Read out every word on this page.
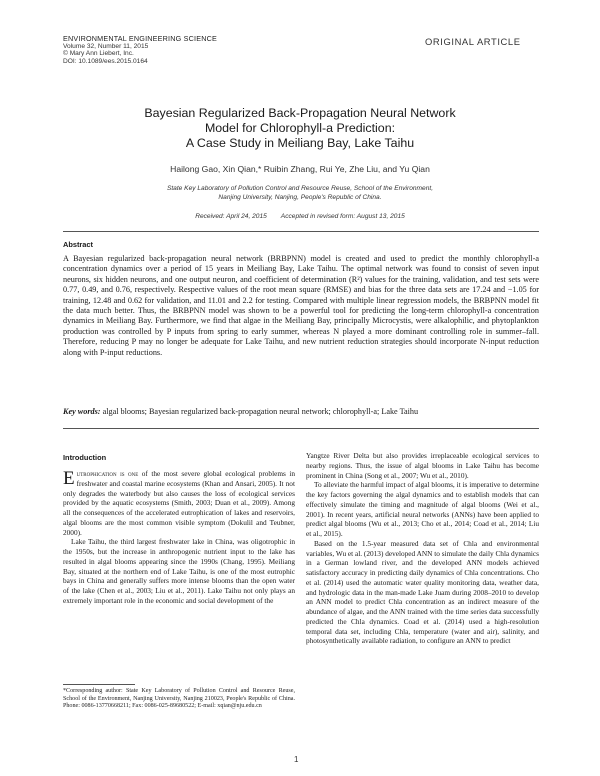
ENVIRONMENTAL ENGINEERING SCIENCE
Volume 32, Number 11, 2015
© Mary Ann Liebert, Inc.
DOI: 10.1089/ees.2015.0164
ORIGINAL ARTICLE
Bayesian Regularized Back-Propagation Neural Network
Model for Chlorophyll-a Prediction:
A Case Study in Meiliang Bay, Lake Taihu
Hailong Gao, Xin Qian,* Ruibin Zhang, Rui Ye, Zhe Liu, and Yu Qian
State Key Laboratory of Pollution Control and Resource Reuse, School of the Environment,
Nanjing University, Nanjing, People's Republic of China.
Received: April 24, 2015 Accepted in revised form: August 13, 2015
Abstract
A Bayesian regularized back-propagation neural network (BRBPNN) model is created and used to predict the monthly chlorophyll-a concentration dynamics over a period of 15 years in Meiliang Bay, Lake Taihu. The optimal network was found to consist of seven input neurons, six hidden neurons, and one output neuron, and coefficient of determination (R²) values for the training, validation, and test sets were 0.77, 0.49, and 0.76, respectively. Respective values of the root mean square (RMSE) and bias for the three data sets are 17.24 and −1.05 for training, 12.48 and 0.62 for validation, and 11.01 and 2.2 for testing. Compared with multiple linear regression models, the BRBPNN model fit the data much better. Thus, the BRBPNN model was shown to be a powerful tool for predicting the long-term chlorophyll-a concentration dynamics in Meiliang Bay. Furthermore, we find that algae in the Meiliang Bay, principally Microcystis, were alkalophilic, and phytoplankton production was controlled by P inputs from spring to early summer, whereas N played a more dominant controlling role in summer–fall. Therefore, reducing P may no longer be adequate for Lake Taihu, and new nutrient reduction strategies should incorporate N-input reduction along with P-input reductions.
Key words: algal blooms; Bayesian regularized back-propagation neural network; chlorophyll-a; Lake Taihu
Introduction

Eutrophication is one of the most severe global ecological problems in freshwater and coastal marine ecosystems (Khan and Ansari, 2005). It not only degrades the waterbody but also causes the loss of ecological services provided by the aquatic ecosystems (Smith, 2003; Duan et al., 2009). Among all the consequences of the accelerated eutrophication of lakes and reservoirs, algal blooms are the most common visible symptom (Dokulil and Teubner, 2000).

Lake Taihu, the third largest freshwater lake in China, was oligotrophic in the 1950s, but the increase in anthropogenic nutrient input to the lake has resulted in algal blooms appearing since the 1990s (Chang, 1995). Meiliang Bay, situated at the northern end of Lake Taihu, is one of the most eutrophic bays in China and generally suffers more intense blooms than the open water of the lake (Chen et al., 2003; Liu et al., 2011). Lake Taihu not only plays an extremely important role in the economic and social development of the

Yangtze River Delta but also provides irreplaceable ecological services to nearby regions. Thus, the issue of algal blooms in Lake Taihu has become prominent in China (Song et al., 2007; Wu et al., 2010).

To alleviate the harmful impact of algal blooms, it is imperative to determine the key factors governing the algal dynamics and to establish models that can effectively simulate the timing and magnitude of algal blooms (Wei et al., 2001). In recent years, artificial neural networks (ANNs) have been applied to predict algal blooms (Wu et al., 2013; Cho et al., 2014; Coad et al., 2014; Liu et al., 2015).

Based on the 1.5-year measured data set of Chla and environmental variables, Wu et al. (2013) developed ANN to simulate the daily Chla dynamics in a German lowland river, and the developed ANN models achieved satisfactory accuracy in predicting daily dynamics of Chla concentrations. Cho et al. (2014) used the automatic water quality monitoring data, weather data, and hydrologic data in the man-made Lake Juam during 2008–2010 to develop an ANN model to predict Chla concentration as an indirect measure of the abundance of algae, and the ANN trained with the time series data successfully predicted the Chla dynamics. Coad et al. (2014) used a high-resolution temporal data set, including Chla, temperature (water and air), salinity, and photosynthetically available radiation, to configure an ANN to predict

*Corresponding author: State Key Laboratory of Pollution Control and Resource Reuse, School of the Environment, Nanjing University, Nanjing 210023, People's Republic of China. Phone: 0086-13770668211; Fax: 0086-025-89680522; E-mail: xqian@nju.edu.cn
1
